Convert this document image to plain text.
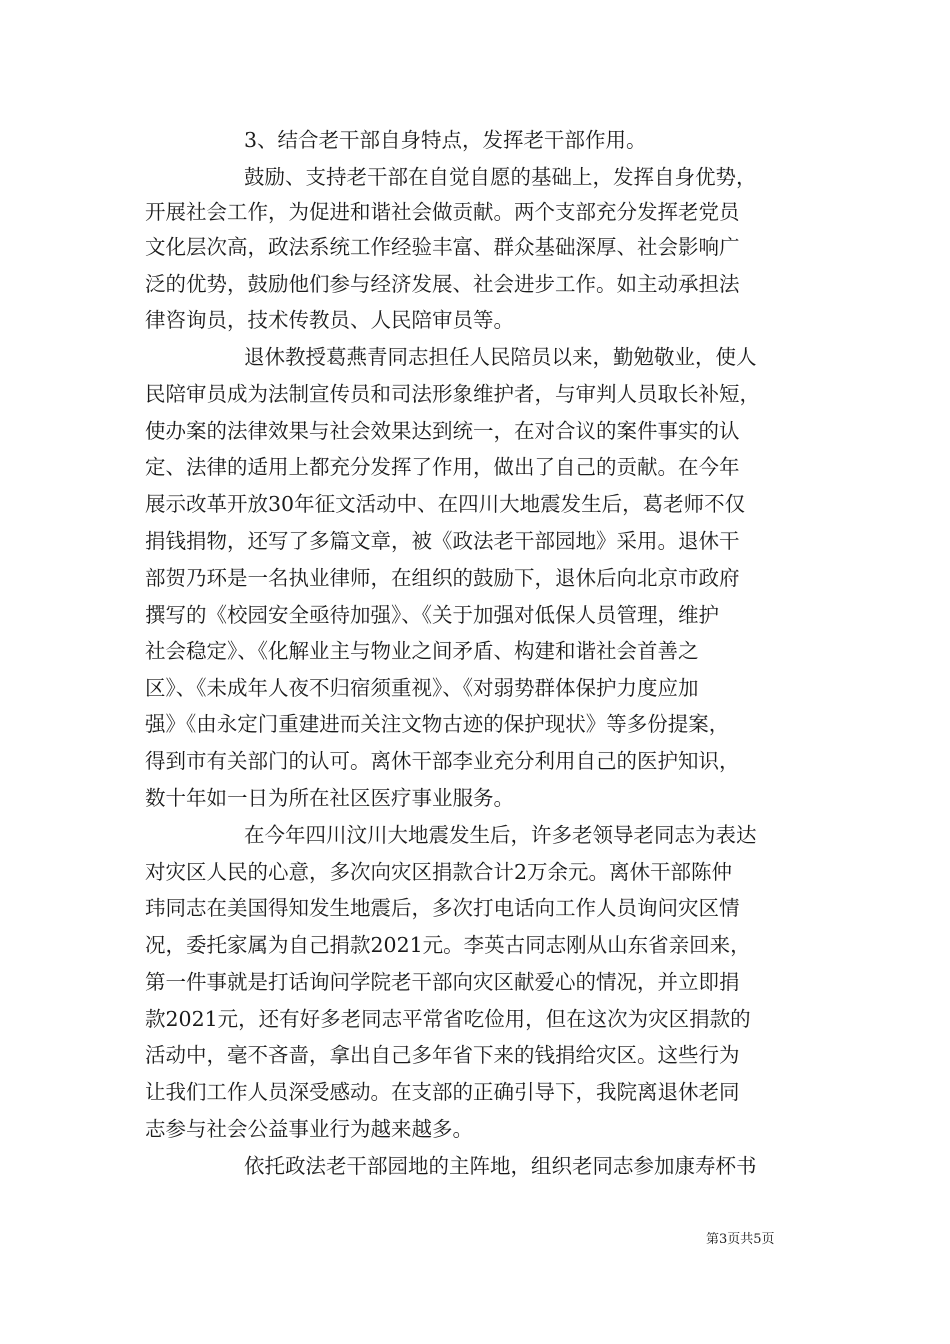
3、结合老干部自身特点，发挥老干部作用。
鼓励、支持老干部在自觉自愿的基础上，发挥自身优势，
开展社会工作，为促进和谐社会做贡献。两个支部充分发挥老党员
文化层次高，政法系统工作经验丰富、群众基础深厚、社会影响广
泛的优势，鼓励他们参与经济发展、社会进步工作。如主动承担法
律咨询员，技术传教员、人民陪审员等。
退休教授葛燕青同志担任人民陪员以来，勤勉敬业，使人
民陪审员成为法制宣传员和司法形象维护者，与审判人员取长补短，
使办案的法律效果与社会效果达到统一，在对合议的案件事实的认
定、法律的适用上都充分发挥了作用，做出了自己的贡献。在今年
展示改革开放30年征文活动中、在四川大地震发生后，葛老师不仅
捐钱捐物，还写了多篇文章，被《政法老干部园地》采用。退休干
部贺乃环是一名执业律师，在组织的鼓励下，退休后向北京市政府
撰写的《校园安全亟待加强》、《关于加强对低保人员管理，维护
社会稳定》、《化解业主与物业之间矛盾、构建和谐社会首善之
区》、《未成年人夜不归宿须重视》、《对弱势群体保护力度应加
强》《由永定门重建进而关注文物古迹的保护现状》等多份提案，
得到市有关部门的认可。离休干部李业充分利用自己的医护知识，
数十年如一日为所在社区医疗事业服务。
在今年四川汶川大地震发生后，许多老领导老同志为表达
对灾区人民的心意，多次向灾区捐款合计2万余元。离休干部陈仲
玮同志在美国得知发生地震后，多次打电话向工作人员询问灾区情
况，委托家属为自己捐款2021元。李英古同志刚从山东省亲回来，
第一件事就是打话询问学院老干部向灾区献爱心的情况，并立即捐
款2021元，还有好多老同志平常省吃俭用，但在这次为灾区捐款的
活动中，毫不吝啬，拿出自己多年省下来的钱捐给灾区。这些行为
让我们工作人员深受感动。在支部的正确引导下，我院离退休老同
志参与社会公益事业行为越来越多。
依托政法老干部园地的主阵地，组织老同志参加康寿杯书
第3页共5页
